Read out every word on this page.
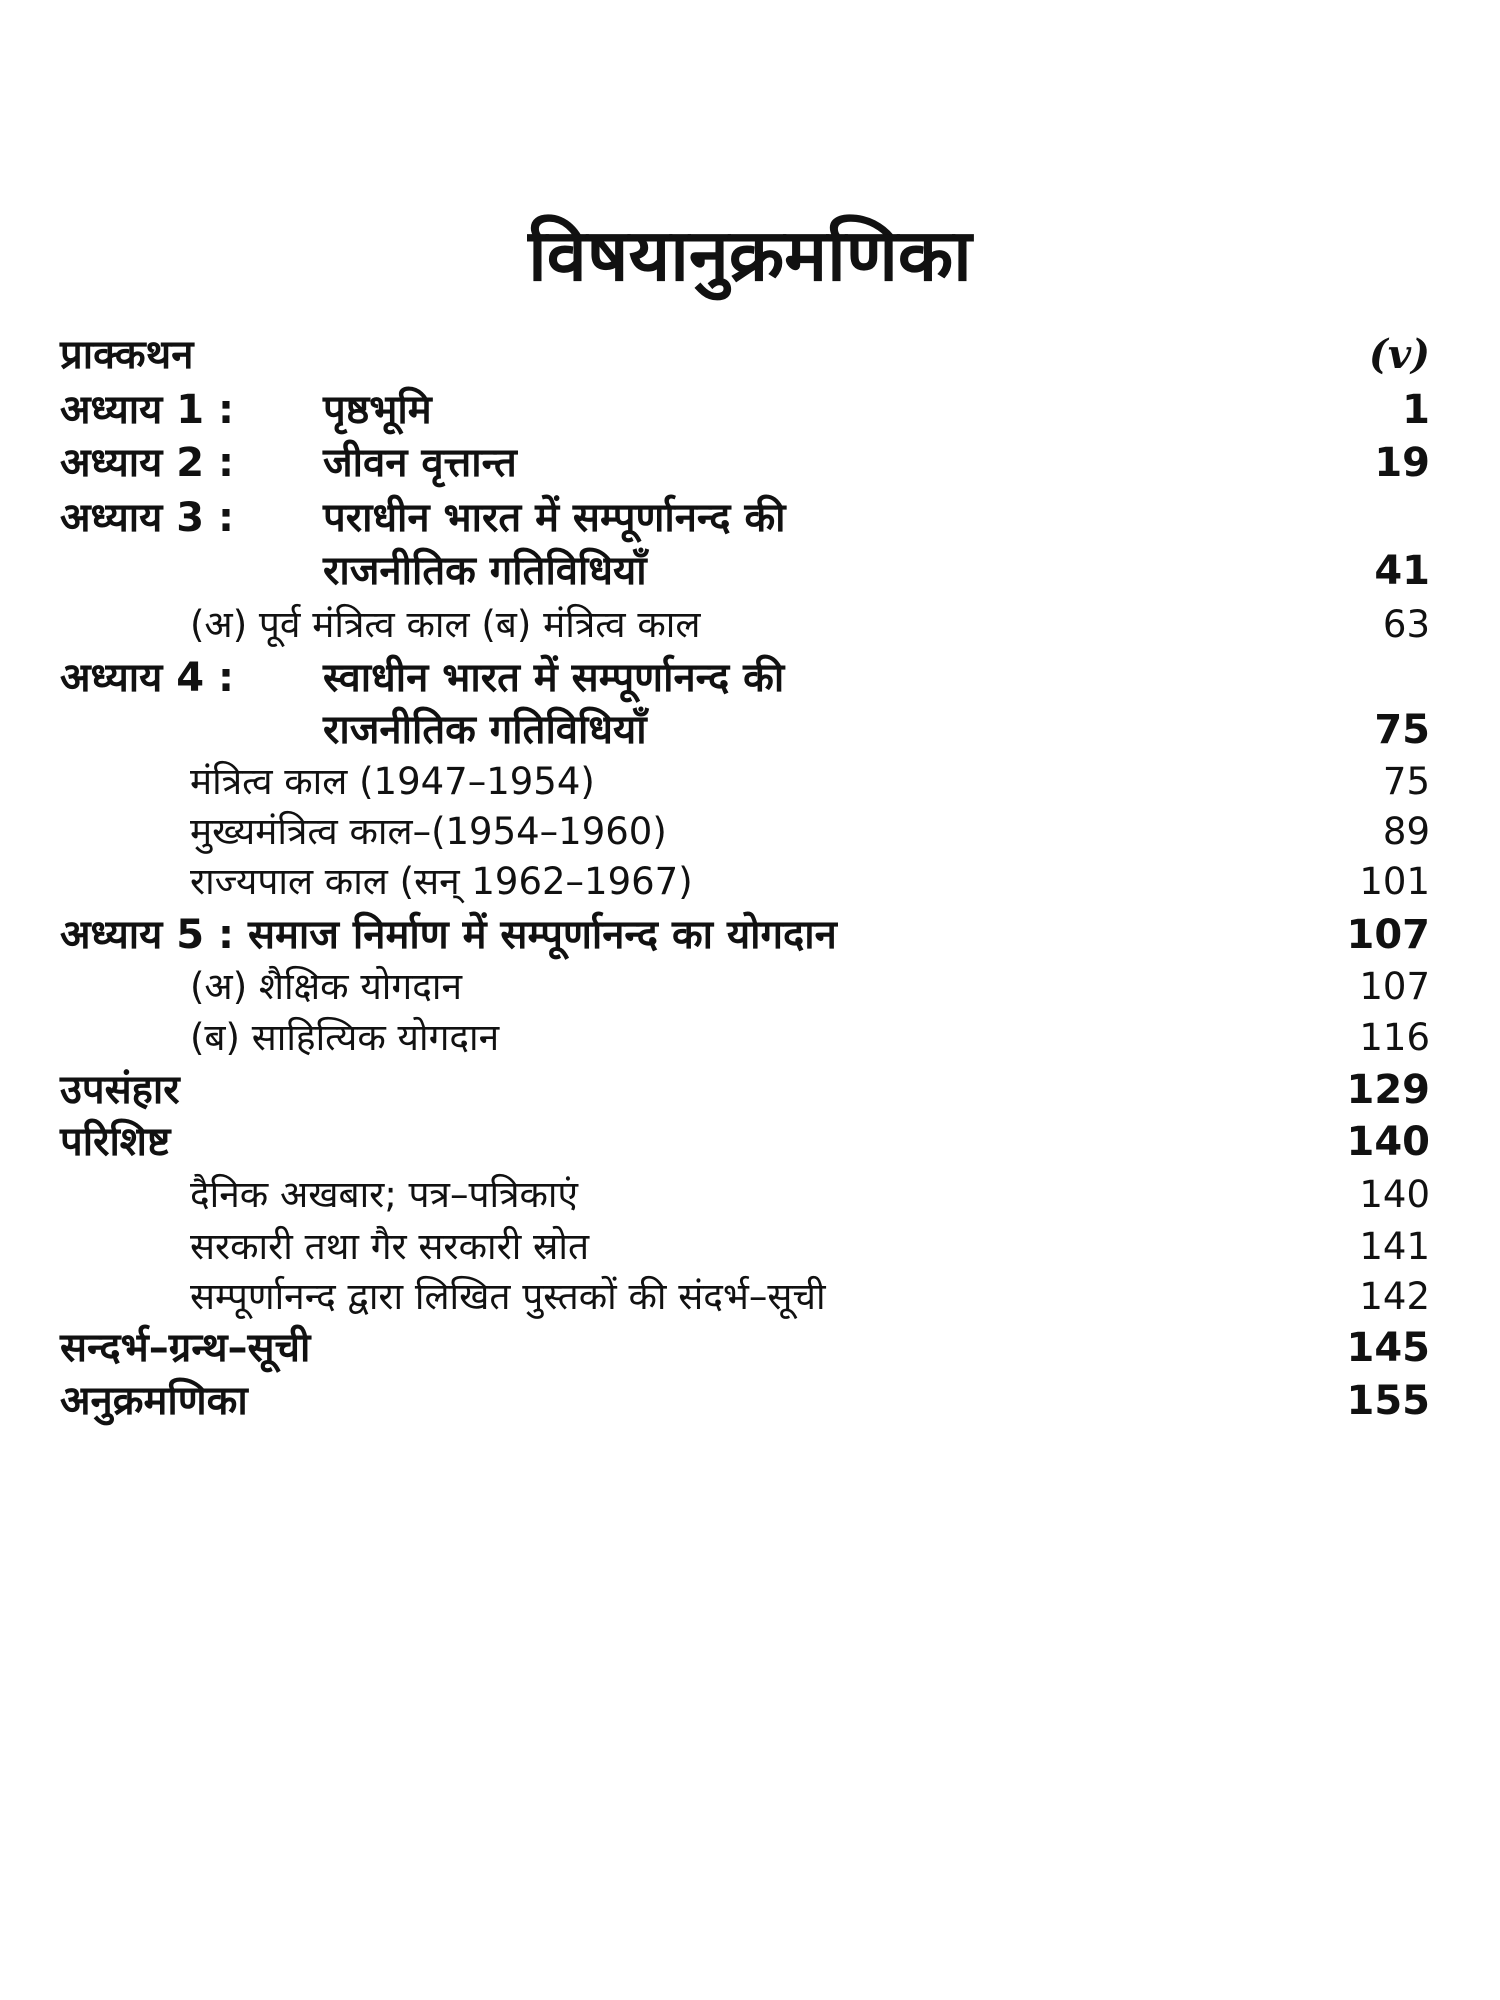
विषयानुक्रमणिका
प्राक्कथन	(v)
अध्याय 1 : पृष्ठभूमि	1
अध्याय 2 : जीवन वृत्तान्त	19
अध्याय 3 : पराधीन भारत में सम्पूर्णानन्द की
राजनीतिक गतिविधियाँ	41
(अ) पूर्व मंत्रित्व काल (ब) मंत्रित्व काल	63
अध्याय 4 : स्वाधीन भारत में सम्पूर्णानन्द की
राजनीतिक गतिविधियाँ	75
मंत्रित्व काल (1947–1954)	75
मुख्यमंत्रित्व काल–(1954–1960)	89
राज्यपाल काल (सन् 1962–1967)	101
अध्याय 5 : समाज निर्माण में सम्पूर्णानन्द का योगदान	107
(अ) शैक्षिक योगदान	107
(ब) साहित्यिक योगदान	116
उपसंहार	129
परिशिष्ट	140
दैनिक अखबार; पत्र–पत्रिकाएं	140
सरकारी तथा गैर सरकारी स्रोत	141
सम्पूर्णानन्द द्वारा लिखित पुस्तकों की संदर्भ–सूची	142
सन्दर्भ–ग्रन्थ–सूची	145
अनुक्रमणिका	155
